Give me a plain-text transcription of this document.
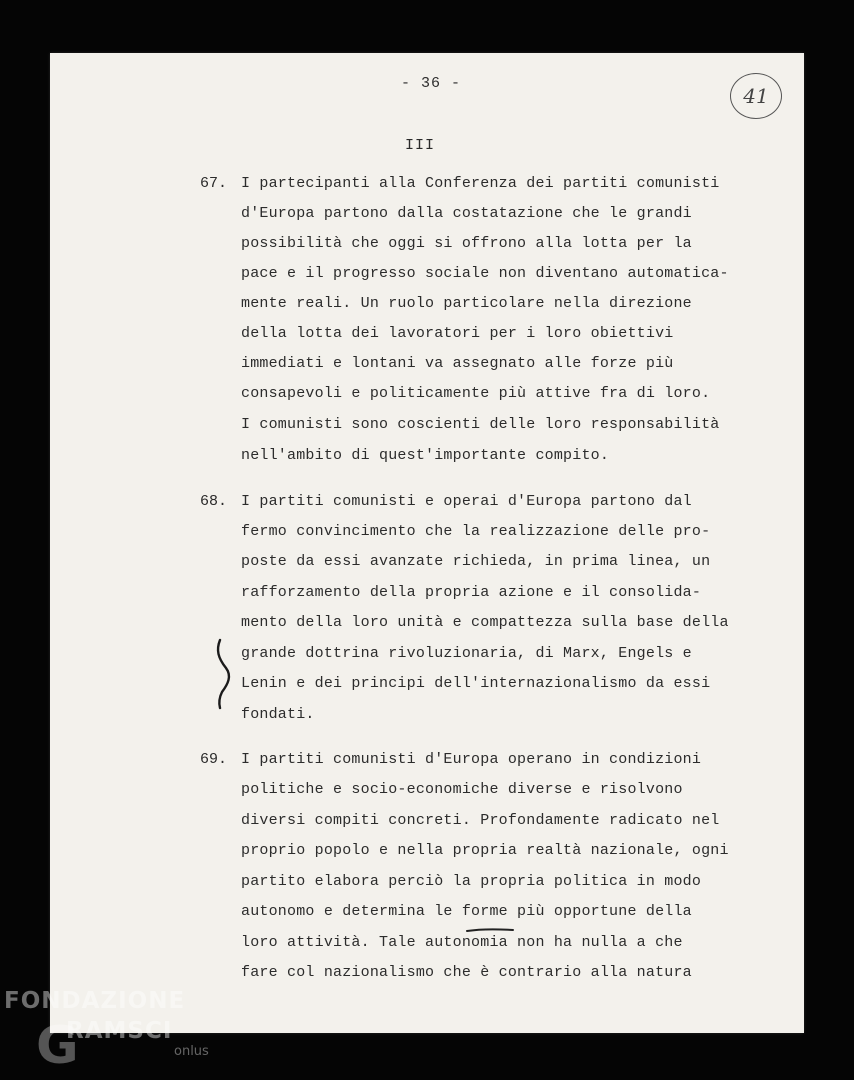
- 36 -
41
III
67. I partecipanti alla Conferenza dei partiti comunisti
d'Europa partono dalla costatazione che le grandi
possibilità che oggi si offrono alla lotta per la
pace e il progresso sociale non diventano automatica-
mente reali. Un ruolo particolare nella direzione
della lotta dei lavoratori per i loro obiettivi
immediati e lontani va assegnato alle forze più
consapevoli e politicamente più attive fra di loro.
I comunisti sono coscienti delle loro responsabilità
nell'ambito di quest'importante compito.
68. I partiti comunisti e operai d'Europa partono dal
fermo convincimento che la realizzazione delle pro-
poste da essi avanzate richieda, in prima linea, un
rafforzamento della propria azione e il consolida-
mento della loro unità e compattezza sulla base della
grande dottrina rivoluzionaria, di Marx, Engels e
Lenin e dei principi dell'internazionalismo da essi
fondati.
69. I partiti comunisti d'Europa operano in condizioni
politiche e socio-economiche diverse e risolvono
diversi compiti concreti. Profondamente radicato nel
proprio popolo e nella propria realtà nazionale, ogni
partito elabora perciò la propria politica in modo
autonomo e determina le forme più opportune della
loro attività. Tale autonomia non ha nulla a che
fare col nazionalismo che è contrario alla natura
FONDAZIONE
G
RAMSCI
onlus
